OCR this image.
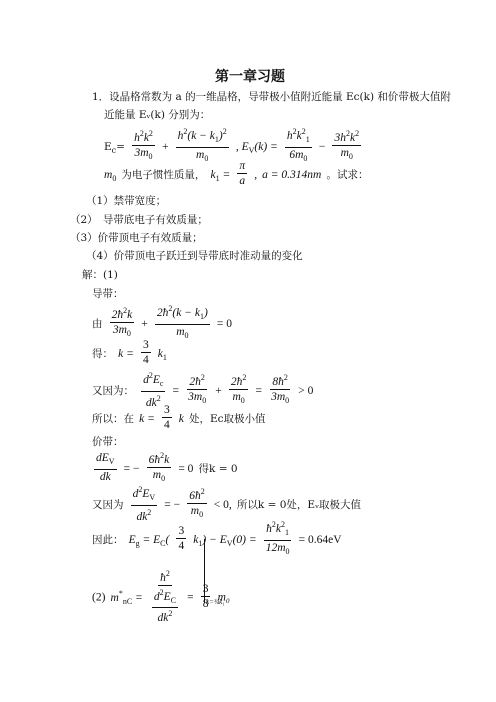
第一章习题
1．设晶格常数为 a 的一维晶格，导带极小值附近能量 Ec(k) 和价带极大值附
近能量 Eᵥ(k) 分别为：
$E_c= \frac{h^2k^2}{3m_0} + \frac{h^2(k - k_1)^2}{m_0}$ , $E_V(k) = \frac{h^2k^2_1}{6m_0} - \frac{3h^2k^2}{m_0}$
$m_0$ 为电子惯性质量， $k_1 = \frac{\pi}{a}$ , a = 0.314nm 。试求：
（1）禁带宽度；
（2）　导带底电子有效质量；
（3）价带顶电子有效质量；
（4）价带顶电子跃迁到导带底时准动量的变化
解：(1)
导带：
由 $\frac{2ħ^2k}{3m_0} + \frac{2ħ^2(k - k_1)}{m_0} = 0$
得： $k = \frac{3}{4} k_1$
又因为： $\frac{d^2E_c}{dk^2} = \frac{2ħ^2}{3m_0} + \frac{2ħ^2}{m_0} = \frac{8ħ^2}{3m_0} > 0$
所以：在 $k = \frac{3}{4}$ k 处，Ec取极小值
价带：
$\frac{dE_V}{dk}$ = − $\frac{6ħ^2k}{m_0} = 0$ 得k = 0
又因为 $\frac{d^2E_V}{dk^2}$ = − $\frac{6ħ^2}{m_0} < 0$, 所以k = 0处，Eᵥ取极大值
因此： $E_g = E_C( \frac{3}{4} k_1) - E_V(0) = \frac{ħ^2k^2_1}{12m_0} = 0.64eV$
(2) $m^*_{nC}$ = $ħ^2$
$d^2E_C$
$dk^2 = \frac{3}{8} m_0$
k=¾k₁
